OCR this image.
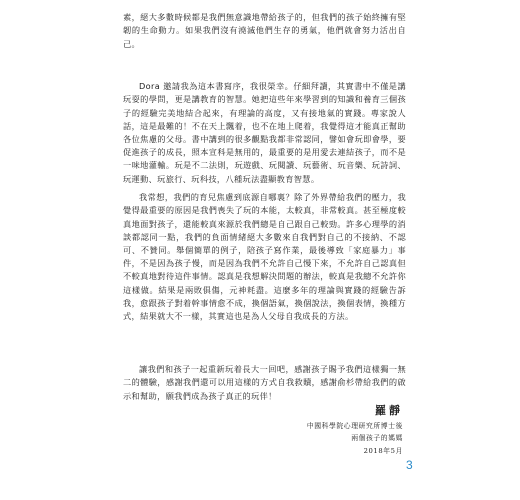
素，絕大多數時候都是我們無意識地帶給孩子的，但我們的孩子始終擁有堅韌的生命動力。如果我們沒有澆滅他們生存的勇氣，他們就會努力活出自己。

Dora 邀請我為這本書寫序，我很榮幸。仔細拜讀，其實書中不僅是講玩耍的學問，更是講教育的智慧。她把這些年來學習到的知識和養育三個孩子的經驗完美地結合起來，有理論的高度，又有接地氣的實踐。專家說人話，這是最難的！不在天上飄着，也不在地上爬着，我覺得這才能真正幫助各位焦慮的父母。書中講到的很多觀點我都非常認同，譬如會玩即會學，要促進孩子的成長，照本宣科是無用的，最重要的是用愛去連結孩子，而不是一味地灌輸。玩是不二法則，玩遊戲、玩閱讀、玩藝術、玩音樂、玩詩詞、玩運動、玩旅行、玩科技，八種玩法盡顯教育智慧。

我常想，我們的育兒焦慮到底源自哪裏？除了外界帶給我們的壓力，我覺得最重要的原因是我們喪失了玩的本能，太較真，非常較真。甚至極度較真地面對孩子，還能較真來源於我們總是自己跟自己較勁。許多心理學的消談都認同一點，我們的負面情緒絕大多數來自我們對自己的不接納、不認可、不贊同。舉個簡單的例子，陪孩子寫作業，最後導致「家庭暴力」事件，不是因為孩子慢，而是因為我們不允許自己慢下來，不允許自己認真但不較真地對待這件事情。認真是我想解決問題的辦法，較真是我總不允許你這樣做。結果是兩敗俱傷，元神耗盡。這麼多年的理論與實踐的經驗告訴我，愈跟孩子對着幹事情愈不成，換個語氣，換個說法，換個表情，換種方式，結果就大不一樣，其實這也是為人父母自我成長的方法。

讓我們和孩子一起重新玩着長大一回吧，感謝孩子賜予我們這樣獨一無二的體驗，感謝我們還可以用這樣的方式自我救贖，感謝俞杉帶給我們的啟示和幫助，願我們成為孩子真正的玩伴！

羅靜
中國科學院心理研究所博士後
兩個孩子的媽媽
2018年5月
3
